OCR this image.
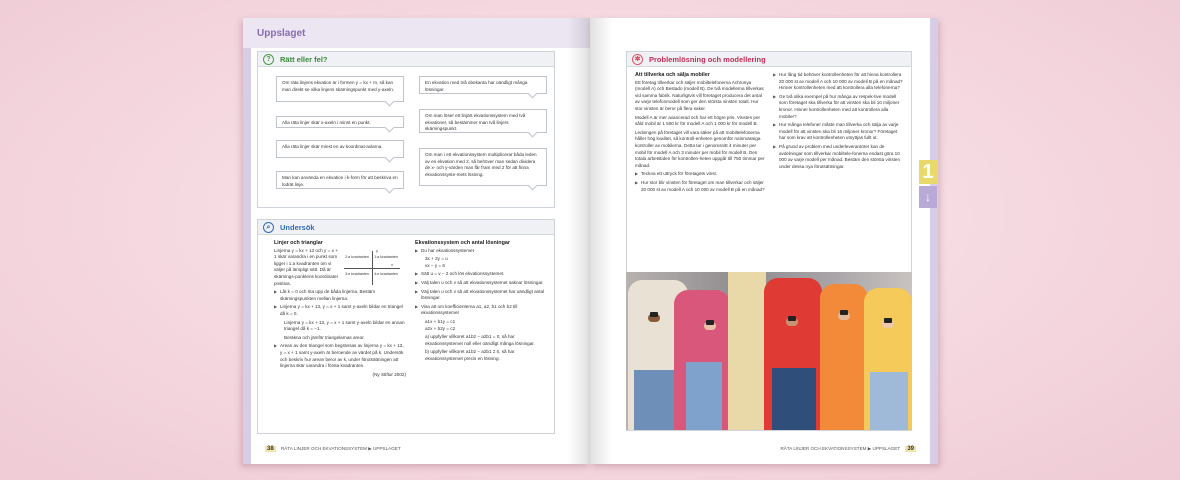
Uppslaget
?	Rätt eller fel?
Om räta linjens ekvation är i formen y = kx + m, så kan man direkt se vilka linjens skärningspunkt med y-axeln.
Alla räta linjer skär x-axeln i minst en punkt.
Alla räta linjer skär minst en av koordinat-axlarna.
Man kan använda en ekvation i k-form för att beskriva en lodrät linje.
En ekvation med två obekanta har oändligt många lösningar.
Om man löser ett linjärt ekvationssystem med två ekvationer, så bestämmer man två linjers skärningspunkt.
Om man i ett ekvationssystem multiplicerar båda leden av en ekvation med 2, så behöver man sedan dividera de x- och y-värden man får fram med 2 för att finna ekvationssyste-mets lösning.
⌕	Undersök
Linjer och trianglar

Linjerna y = kx + 13 och y = x + 1 skär varandra i en punkt som ligger i 1:a kvadranten om vi väljer på lämpligt sätt. Då är skärnings-punktens koordinater positiva.

▶ Låt k = 0 och rita upp de båda linjerna. Bestäm skärningspunkten mellan linjerna.
▶ Linjerna y = kx + 13, y = x + 1 samt y-axeln bildar en triangel då k = 0.
Linjerna y = kx + 13, y = x + 1 samt y-axeln bildar en annan triangel då k = −1.
Beräkna och jämför triangelarnas areor.
▶ Arean av den triangel som begränsas av linjerna y = kx + 13, y = x + 1 samt y-axeln är beroende av värdet på k. Undersök och beskriv hur arean beror av k, under förutsättningen att linjerna skär varandra i första kvadranten.

(Ny Stiftur 2002)

2:a kvadranten 1:a kvadranten
3:e kvadranten 4:e kvadranten
x
y
Ekvationssystem och antal lösningar
▶ Du har ekvationssystemet
3x + 2y = u
vx − y = 6
▶ Sätt u = v − 2 och lös ekvationssystemet.
▶ Välj talen u och v så att ekvationssystemet saknar lösningar.
▶ Välj talen u och v så att ekvationssystemet har oändligt antal lösningar.
▶ Visa att om koefficienterna a1, a2, b1 och b2 till ekvationssystemet
a1x + b1y = c1
a2x + b2y = c2
a) uppfyller villkoret a1b2 − a2b1 = 0, så har ekvationssystemet noll eller oändligt många lösningar.
b) uppfyller villkoret a1b2 − a2b1 ≠ 0, så har ekvationssystemet precis en lösning.
38 RÄTA LINJER OCH EKVATIONSSYSTEM ▶ UPPSLAGET
✱	Problemlösning och modellering
Att tillverka och sälja mobiler

Ett företag tillverkar och säljer mobiltelefonerna Achronya (modell A) och Bestado (modell B). De två modellerna tillverkas vid samma fabrik. Naturligtvis vill företaget producera det antal av varje telefonmodell som ger den största vinsten totalt. Hur stor vinsten är beror på flera saker.

Modell A är mer avancerad och har ett högre pris. Vinsten per såld mobil är 1 500 kr för modell A och 1 000 kr för modell B.

Ledningen på företaget vill vara säker på att mobiltelefonerna håller hög kvalitet, så kontroll-enheten genomför rutinmässiga kontroller av mobilerna. Detta tar i genomsnitt 4 minuter per mobil för modell A och 3 minuter per mobil för modell B. Den totala arbetstiden för kontrollen-heten uppgår till 750 timmar per månad.

▶ Teckna ett uttryck för företagets vinst.
▶ Hur stor blir vinsten för företaget om man tillverkar och säljer 20 000 st av modell A och 10 000 av modell B på en månad?
▶ Hur lång tid behöver kontrollenheten för att hinna kontrollera 20 000 st av modell A och 10 000 av modell B på en månad? Hinner kontrollenheten med att kontrollera alla telefonerna?
▶ Ge två olika exempel på hur många av respek-tive modell som företaget ska tillverka för att vinsten ska bli 10 miljoner kronor. Hinner kontrollenheten med att kontrollera alla mobiler?
▶ Hur många telefoner måste man tillverka och sälja av varje modell för att vinsten ska bli 16 miljoner kronor? Företaget har som krav att kontrollenheten utnyttjas fullt ut.
▶ På grund av problem med underleverantörer kan de avdelningar som tillverkar mobiltele-fonerna endast göra 10 000 av varje modell per månad. Bestäm den största vinsten under dessa nya förutsättningar.
RÄTA LINJER OCH EKVATIONSSYSTEM ▶ UPPSLAGET 39
1
↓
